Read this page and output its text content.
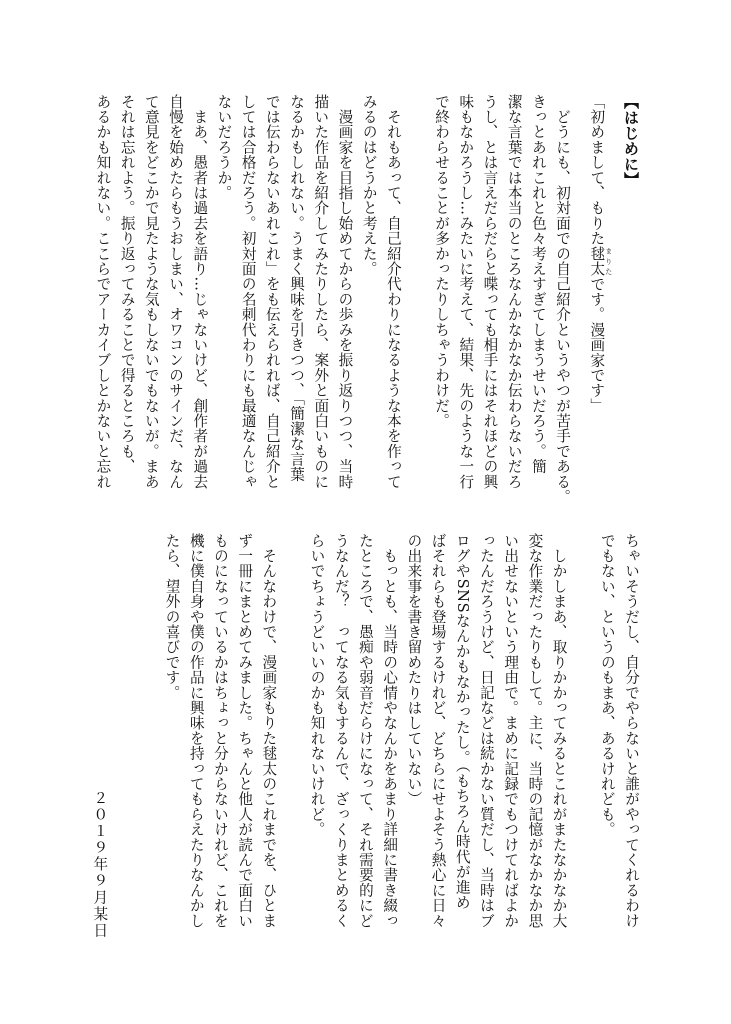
【はじめに】
「初めまして、もりた毬太 まりたです。漫画家です」
　どうにも、初対面での自己紹介というやつが苦手である。
きっとあれこれと色々考えすぎてしまうせいだろう。簡
潔な言葉では本当のところなんかなかなか伝わらないだろ
うし、とは言えだらだらと喋っても相手にはそれほどの興
味もなかろうし…みたいに考えて、結果、先のような一行
で終わらせることが多かったりしちゃうわけだ。
　それもあって、自己紹介代わりになるような本を作って
みるのはどうかと考えた。
　漫画家を目指し始めてからの歩みを振り返りつつ、当時
描いた作品を紹介してみたりしたら、案外と面白いものに
なるかもしれない。うまく興味を引きつつ、「簡潔な言葉
では伝わらないあれこれ」をも伝えられれば、自己紹介と
しては合格だろう。初対面の名刺代わりにも最適なんじゃ
ないだろうか。
　まあ、愚者は過去を語り…じゃないけど、創作者が過去
自慢を始めたらもうおしまい、オワコンのサインだ、なん
て意見をどこかで見たような気もしないでもないが。まあ
それは忘れよう。振り返ってみることで得るところも、
あるかも知れない。ここらでアーカイブしとかないと忘れ
ちゃいそうだし、自分でやらないと誰がやってくれるわけ
でもない、というのもまあ、あるけれども。
　しかしまあ、取りかかってみるとこれがまたなかなか大
変な作業だったりもして。主に、当時の記憶がなかなか思
い出せないという理由で。まめに記録でもつけてればよか
ったんだろうけど、日記などは続かない質だし、当時はブ
ログやSNSなんかもなかったし。（もちろん時代が進め
ばそれらも登場するけれど、どちらにせよそう熱心に日々
の出来事を書き留めたりはしていない）
　もっとも、当時の心情やなんかをあまり詳細に書き綴っ
たところで、愚痴や弱音だらけになって、それ需要的にど
うなんだ？　ってなる気もするんで、ざっくりまとめるく
らいでちょうどいいのかも知れないけれど。
　そんなわけで、漫画家もりた毬太のこれまでを、ひとま
ず一冊にまとめてみました。ちゃんと他人が読んで面白い
ものになっているかはちょっと分からないけれど、これを
機に僕自身や僕の作品に興味を持ってもらえたりなんかし
たら、望外の喜びです。
２０１９年９月某日
